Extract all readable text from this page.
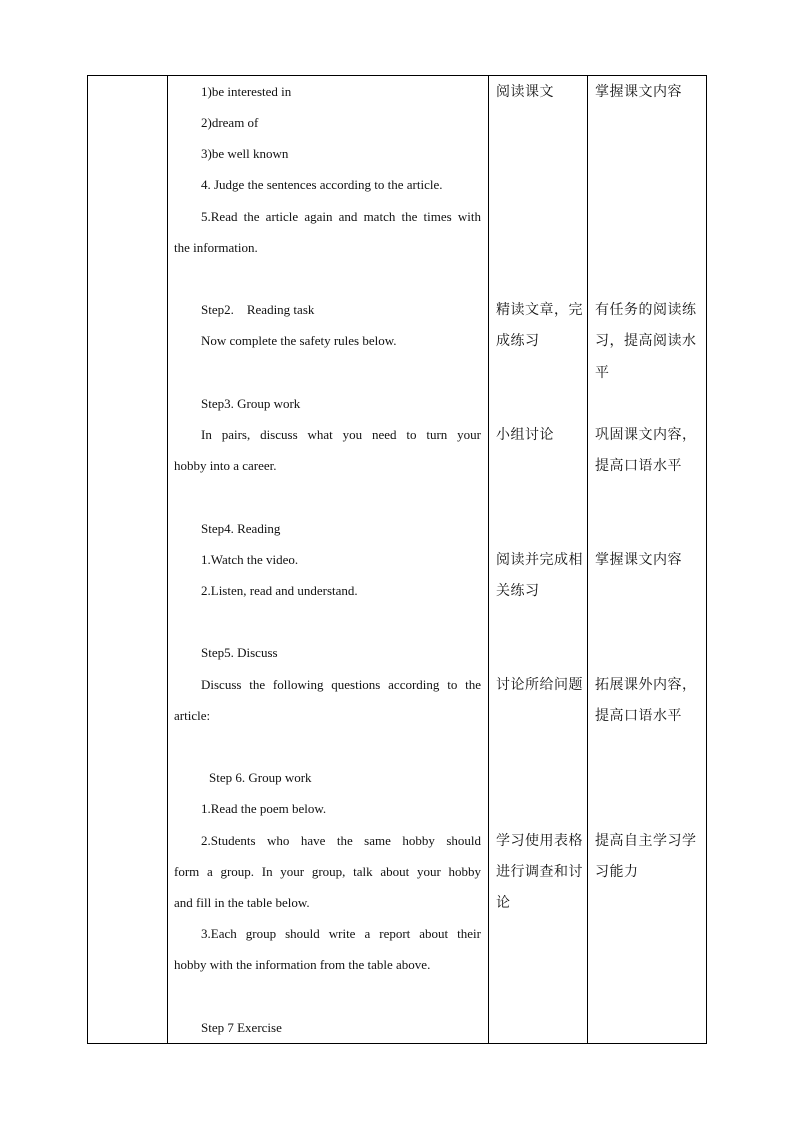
1)be interested in
2)dream of
3)be well known
4. Judge the sentences according to the article.
5.Read the article again and match the times with
the information.
Step2.    Reading task
Now complete the safety rules below.
Step3. Group work
In pairs, discuss what you need to turn your
hobby into a career.
Step4. Reading
1.Watch the video.
2.Listen, read and understand.
Step5. Discuss
Discuss the following questions according to the
article:
Step 6. Group work
1.Read the poem below.
2.Students who have the same hobby should
form a group. In your group, talk about your hobby
and fill in the table below.
3.Each group should write a report about their
hobby with the information from the table above.
Step 7 Exercise
阅读课文
精读文章，完
成练习
小组讨论
阅读并完成相
关练习
讨论所给问题
学习使用表格
进行调查和讨
论
掌握课文内容
有任务的阅读练
习，提高阅读水
平
巩固课文内容，
提高口语水平
掌握课文内容
拓展课外内容，
提高口语水平
提高自主学习学
习能力
